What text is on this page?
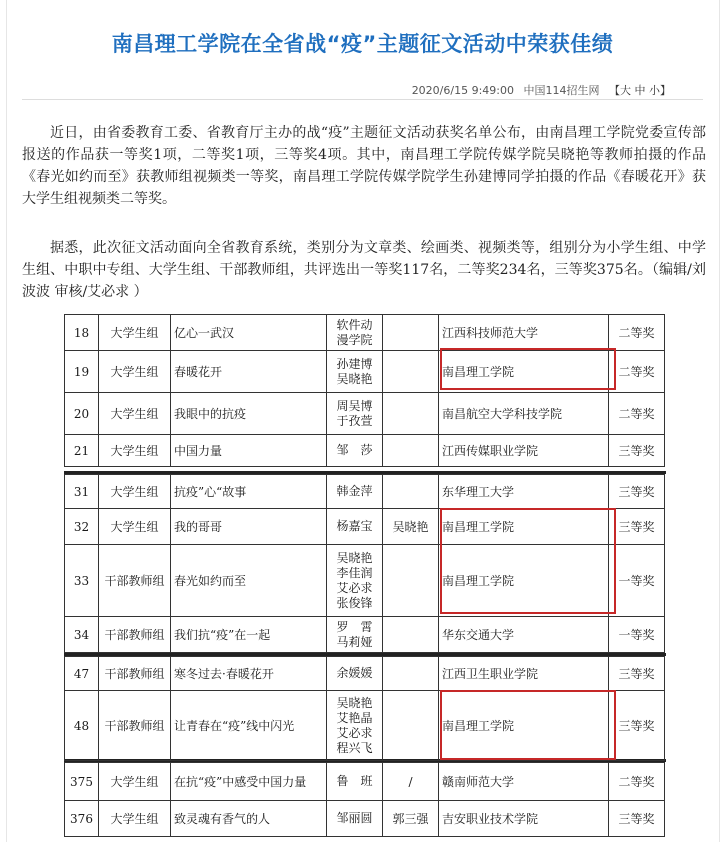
南昌理工学院在全省战“疫”主题征文活动中荣获佳绩
2020/6/15 9:49:00 中国114招生网 【大 中 小】

近日，由省委教育工委、省教育厅主办的战“疫”主题征文活动获奖名单公布，由南昌理工学院党委宣传部报送的作品获一等奖1项，二等奖1项，三等奖4项。其中，南昌理工学院传媒学院吴晓艳等教师拍摄的作品《春光如约而至》获教师组视频类一等奖，南昌理工学院传媒学院学生孙建博同学拍摄的作品《春暖花开》获大学生组视频类二等奖。

据悉，此次征文活动面向全省教育系统，类别分为文章类、绘画类、视频类等，组别分为小学生组、中学生组、中职中专组、大学生组、干部教师组，共评选出一等奖117名，二等奖234名，三等奖375名。（编辑/刘波波 审核/艾必求 ）

375	大学生组	在抗“疫”中感受中国力量	鲁　班	/	赣南师范大学	二等奖
376	大学生组	致灵魂有香气的人	邹丽圆	郭三强	吉安职业技术学院	三等奖
47	干部教师组	寒冬过去·春暖花开	余媛媛		江西卫生职业学院	三等奖
48	干部教师组	让青春在“疫”线中闪光	吴晓艳
艾艳晶
艾必求
程兴飞		南昌理工学院	三等奖
31	大学生组	抗疫”心“故事	韩金萍		东华理工大学	三等奖
32	大学生组	我的哥哥	杨嘉宝	吴晓艳	南昌理工学院	三等奖
33	干部教师组	春光如约而至	吴晓艳
李佳润
艾必求
张俊锋		南昌理工学院	一等奖
34	干部教师组	我们抗“疫”在一起	罗　霄
马莉娅		华东交通大学	一等奖
18	大学生组	亿心一武汉	软件动
漫学院		江西科技师范大学	二等奖
19	大学生组	春暖花开	孙建博
吴晓艳		南昌理工学院	二等奖
20	大学生组	我眼中的抗疫	周吴博
于孜萱		南昌航空大学科技学院	二等奖
21	大学生组	中国力量	邹　莎		江西传媒职业学院	三等奖
